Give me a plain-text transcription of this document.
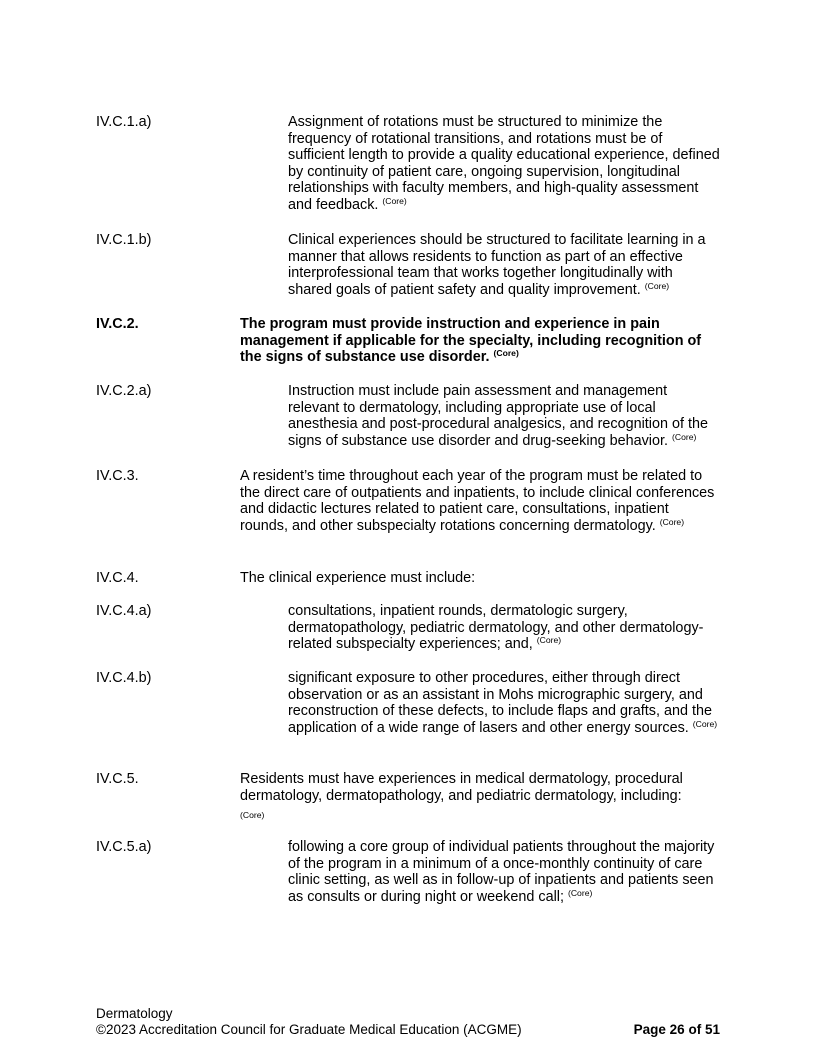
IV.C.1.a)	Assignment of rotations must be structured to minimize the frequency of rotational transitions, and rotations must be of sufficient length to provide a quality educational experience, defined by continuity of patient care, ongoing supervision, longitudinal relationships with faculty members, and high-quality assessment and feedback. $^{(Core)}$
IV.C.1.b)	Clinical experiences should be structured to facilitate learning in a manner that allows residents to function as part of an effective interprofessional team that works together longitudinally with shared goals of patient safety and quality improvement. $^{(Core)}$
IV.C.2.	The program must provide instruction and experience in pain management if applicable for the specialty, including recognition of the signs of substance use disorder. $^{(Core)}$
IV.C.2.a)	Instruction must include pain assessment and management relevant to dermatology, including appropriate use of local anesthesia and post-procedural analgesics, and recognition of the signs of substance use disorder and drug-seeking behavior. $^{(Core)}$
IV.C.3.	A resident’s time throughout each year of the program must be related to the direct care of outpatients and inpatients, to include clinical conferences and didactic lectures related to patient care, consultations, inpatient rounds, and other subspecialty rotations concerning dermatology. $^{(Core)}$
IV.C.4.	The clinical experience must include:
IV.C.4.a)	consultations, inpatient rounds, dermatologic surgery, dermatopathology, pediatric dermatology, and other dermatology-related subspecialty experiences; and, $^{(Core)}$
IV.C.4.b)	significant exposure to other procedures, either through direct observation or as an assistant in Mohs micrographic surgery, and reconstruction of these defects, to include flaps and grafts, and the application of a wide range of lasers and other energy sources. $^{(Core)}$
IV.C.5.	Residents must have experiences in medical dermatology, procedural dermatology, dermatopathology, and pediatric dermatology, including:
(Core)
IV.C.5.a)	following a core group of individual patients throughout the majority of the program in a minimum of a once-monthly continuity of care clinic setting, as well as in follow-up of inpatients and patients seen as consults or during night or weekend call; $^{(Core)}$
Dermatology
©2023 Accreditation Council for Graduate Medical Education (ACGME)	Page 26 of 51
